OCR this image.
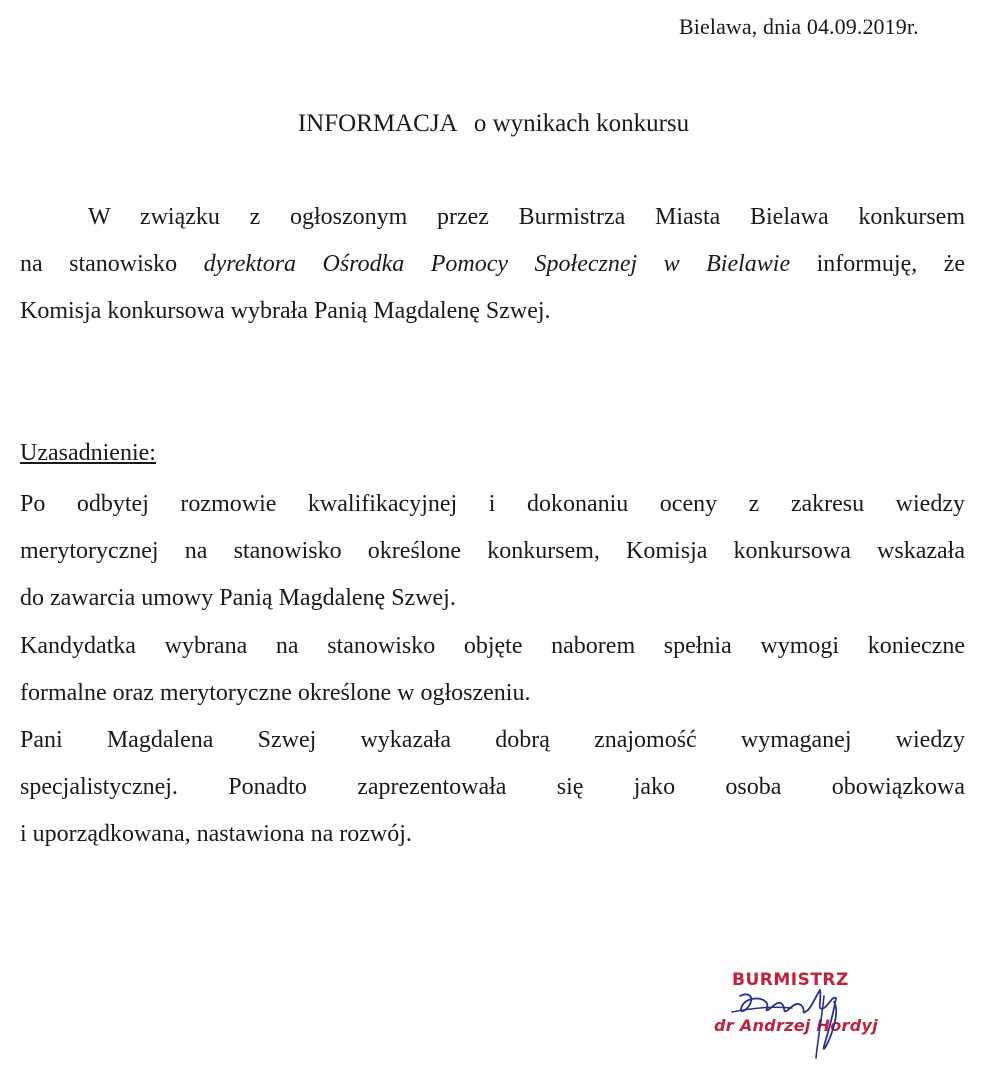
Bielawa, dnia 04.09.2019r.
INFORMACJA o wynikach konkursu
W związku z ogłoszonym przez Burmistrza Miasta Bielawa konkursem
na stanowisko dyrektora Ośrodka Pomocy Społecznej w Bielawie informuję, że
Komisja konkursowa wybrała Panią Magdalenę Szwej.
Uzasadnienie:
Po odbytej rozmowie kwalifikacyjnej i dokonaniu oceny z zakresu wiedzy
merytorycznej na stanowisko określone konkursem, Komisja konkursowa wskazała
do zawarcia umowy Panią Magdalenę Szwej.
Kandydatka wybrana na stanowisko objęte naborem spełnia wymogi konieczne
formalne oraz merytoryczne określone w ogłoszeniu.
Pani Magdalena Szwej wykazała dobrą znajomość wymaganej wiedzy
specjalistycznej. Ponadto zaprezentowała się jako osoba obowiązkowa
i uporządkowana, nastawiona na rozwój.
BURMISTRZ
dr Andrzej Hordyj
